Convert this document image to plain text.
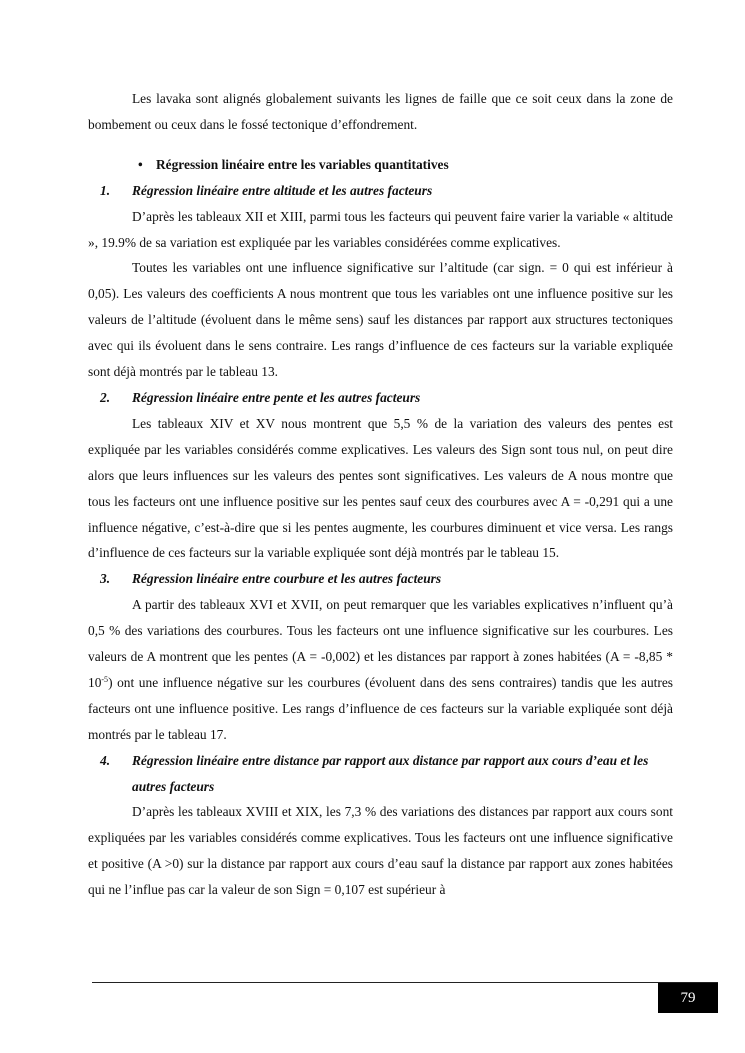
Les lavaka sont alignés globalement suivants les lignes de faille que ce soit ceux dans la zone de bombement ou ceux dans le fossé tectonique d’effondrement.

• Régression linéaire entre les variables quantitatives
1. Régression linéaire entre altitude et les autres facteurs

D’après les tableaux XII et XIII, parmi tous les facteurs qui peuvent faire varier la variable « altitude », 19.9% de sa variation est expliquée par les variables considérées comme explicatives.

Toutes les variables ont une influence significative sur l’altitude (car sign. = 0 qui est inférieur à 0,05). Les valeurs des coefficients A nous montrent que tous les variables ont une influence positive sur les valeurs de l’altitude (évoluent dans le même sens) sauf les distances par rapport aux structures tectoniques avec qui ils évoluent dans le sens contraire. Les rangs d’influence de ces facteurs sur la variable expliquée sont déjà montrés par le tableau 13.

2. Régression linéaire entre pente et les autres facteurs

Les tableaux XIV et XV nous montrent que 5,5 % de la variation des valeurs des pentes est expliquée par les variables considérés comme explicatives. Les valeurs des Sign sont tous nul, on peut dire alors que leurs influences sur les valeurs des pentes sont significatives. Les valeurs de A nous montre que tous les facteurs ont une influence positive sur les pentes sauf ceux des courbures avec A = -0,291 qui a une influence négative, c’est-à-dire que si les pentes augmente, les courbures diminuent et vice versa. Les rangs d’influence de ces facteurs sur la variable expliquée sont déjà montrés par le tableau 15.

3. Régression linéaire entre courbure et les autres facteurs

A partir des tableaux XVI et XVII, on peut remarquer que les variables explicatives n’influent qu’à 0,5 % des variations des courbures. Tous les facteurs ont une influence significative sur les courbures. Les valeurs de A montrent que les pentes (A = -0,002) et les distances par rapport à zones habitées $(A = -8,85 * 10^{-5})$ ont une influence négative sur les courbures (évoluent dans des sens contraires) tandis que les autres facteurs ont une influence positive. Les rangs d’influence de ces facteurs sur la variable expliquée sont déjà montrés par le tableau 17.

4. Régression linéaire entre distance par rapport aux distance par rapport aux cours d’eau et les autres facteurs

D’après les tableaux XVIII et XIX, les 7,3 % des variations des distances par rapport aux cours sont expliquées par les variables considérés comme explicatives. Tous les facteurs ont une influence significative et positive (A >0) sur la distance par rapport aux cours d’eau sauf la distance par rapport aux zones habitées qui ne l’influe pas car la valeur de son Sign = 0,107 est supérieur à

79
